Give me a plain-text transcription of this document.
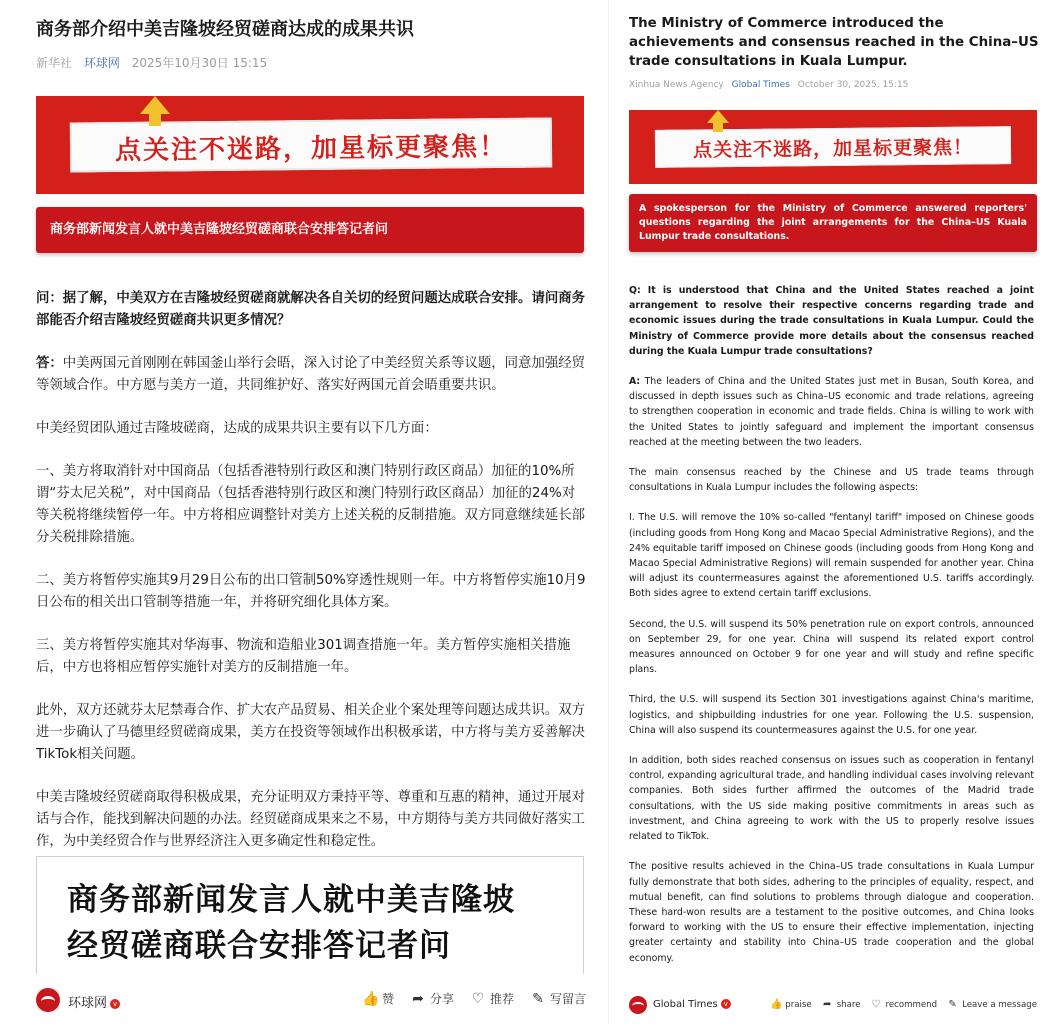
商务部介绍中美吉隆坡经贸磋商达成的成果共识
新华社 环球网 2025年10月30日 15:15
点关注不迷路，加星标更聚焦！
商务部新闻发言人就中美吉隆坡经贸磋商联合安排答记者问

问：据了解，中美双方在吉隆坡经贸磋商就解决各自关切的经贸问题达成联合安排。请问商务部能否介绍吉隆坡经贸磋商共识更多情况？

答：中美两国元首刚刚在韩国釜山举行会晤，深入讨论了中美经贸关系等议题，同意加强经贸等领域合作。中方愿与美方一道，共同维护好、落实好两国元首会晤重要共识。

中美经贸团队通过吉隆坡磋商，达成的成果共识主要有以下几方面：

一、美方将取消针对中国商品（包括香港特别行政区和澳门特别行政区商品）加征的10%所谓“芬太尼关税”，对中国商品（包括香港特别行政区和澳门特别行政区商品）加征的24%对等关税将继续暂停一年。中方将相应调整针对美方上述关税的反制措施。双方同意继续延长部分关税排除措施。

二、美方将暂停实施其9月29日公布的出口管制50%穿透性规则一年。中方将暂停实施10月9日公布的相关出口管制等措施一年，并将研究细化具体方案。

三、美方将暂停实施其对华海事、物流和造船业301调查措施一年。美方暂停实施相关措施后，中方也将相应暂停实施针对美方的反制措施一年。

此外，双方还就芬太尼禁毒合作、扩大农产品贸易、相关企业个案处理等问题达成共识。双方进一步确认了马德里经贸磋商成果，美方在投资等领域作出积极承诺，中方将与美方妥善解决TikTok相关问题。

中美吉隆坡经贸磋商取得积极成果，充分证明双方秉持平等、尊重和互惠的精神，通过开展对话与合作，能找到解决问题的办法。经贸磋商成果来之不易，中方期待与美方共同做好落实工作，为中美经贸合作与世界经济注入更多确定性和稳定性。

商务部新闻发言人就中美吉隆坡
经贸磋商联合安排答记者问
环球网 v	👍 赞 ➦ 分享 ♡ 推荐 ✎ 写留言
The Ministry of Commerce introduced the achievements and consensus reached in the China–US trade consultations in Kuala Lumpur.
Xinhua News Agency Global Times October 30, 2025, 15:15
点关注不迷路，加星标更聚焦！
A spokesperson for the Ministry of Commerce answered reporters' questions regarding the joint arrangements for the China–US Kuala Lumpur trade consultations.

Q: It is understood that China and the United States reached a joint arrangement to resolve their respective concerns regarding trade and economic issues during the trade consultations in Kuala Lumpur. Could the Ministry of Commerce provide more details about the consensus reached during the Kuala Lumpur trade consultations?

A: The leaders of China and the United States just met in Busan, South Korea, and discussed in depth issues such as China–US economic and trade relations, agreeing to strengthen cooperation in economic and trade fields. China is willing to work with the United States to jointly safeguard and implement the important consensus reached at the meeting between the two leaders.

The main consensus reached by the Chinese and US trade teams through consultations in Kuala Lumpur includes the following aspects:

I. The U.S. will remove the 10% so-called "fentanyl tariff" imposed on Chinese goods (including goods from Hong Kong and Macao Special Administrative Regions), and the 24% equitable tariff imposed on Chinese goods (including goods from Hong Kong and Macao Special Administrative Regions) will remain suspended for another year. China will adjust its countermeasures against the aforementioned U.S. tariffs accordingly. Both sides agree to extend certain tariff exclusions.

Second, the U.S. will suspend its 50% penetration rule on export controls, announced on September 29, for one year. China will suspend its related export control measures announced on October 9 for one year and will study and refine specific plans.

Third, the U.S. will suspend its Section 301 investigations against China's maritime, logistics, and shipbuilding industries for one year. Following the U.S. suspension, China will also suspend its countermeasures against the U.S. for one year.

In addition, both sides reached consensus on issues such as cooperation in fentanyl control, expanding agricultural trade, and handling individual cases involving relevant companies. Both sides further affirmed the outcomes of the Madrid trade consultations, with the US side making positive commitments in areas such as investment, and China agreeing to work with the US to properly resolve issues related to TikTok.

The positive results achieved in the China–US trade consultations in Kuala Lumpur fully demonstrate that both sides, adhering to the principles of equality, respect, and mutual benefit, can find solutions to problems through dialogue and cooperation. These hard-won results are a testament to the positive outcomes, and China looks forward to working with the US to ensure their effective implementation, injecting greater certainty and stability into China–US trade cooperation and the global economy.

Global Times v	👍 praise ➦ share ♡ recommend ✎ Leave a message
